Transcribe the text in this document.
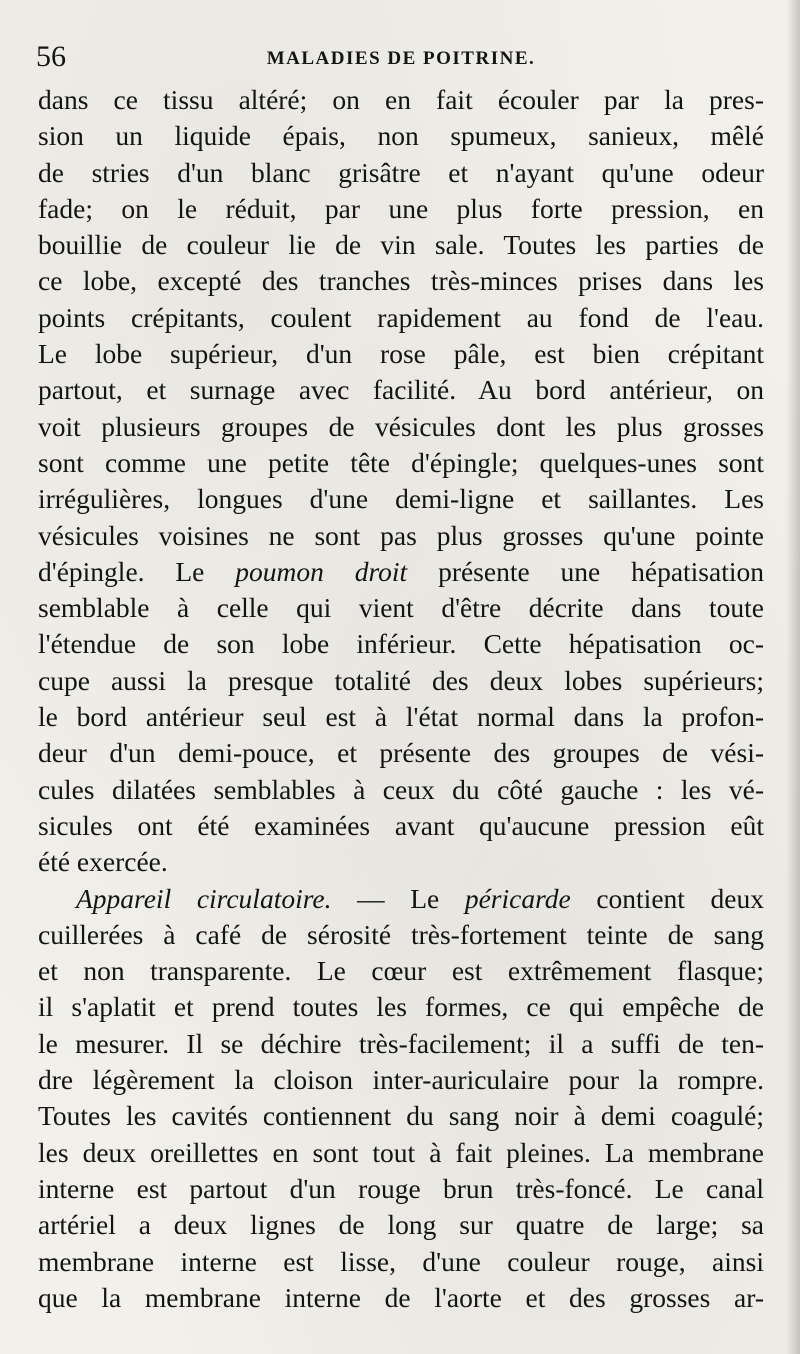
56	MALADIES DE POITRINE.
dans ce tissu altéré; on en fait écouler par la pres-
sion un liquide épais, non spumeux, sanieux, mêlé
de stries d'un blanc grisâtre et n'ayant qu'une odeur
fade; on le réduit, par une plus forte pression, en
bouillie de couleur lie de vin sale. Toutes les parties de
ce lobe, excepté des tranches très-minces prises dans les
points crépitants, coulent rapidement au fond de l'eau.
Le lobe supérieur, d'un rose pâle, est bien crépitant
partout, et surnage avec facilité. Au bord antérieur, on
voit plusieurs groupes de vésicules dont les plus grosses
sont comme une petite tête d'épingle; quelques-unes sont
irrégulières, longues d'une demi-ligne et saillantes. Les
vésicules voisines ne sont pas plus grosses qu'une pointe
d'épingle. Le poumon droit présente une hépatisation
semblable à celle qui vient d'être décrite dans toute
l'étendue de son lobe inférieur. Cette hépatisation oc-
cupe aussi la presque totalité des deux lobes supérieurs;
le bord antérieur seul est à l'état normal dans la profon-
deur d'un demi-pouce, et présente des groupes de vési-
cules dilatées semblables à ceux du côté gauche : les vé-
sicules ont été examinées avant qu'aucune pression eût
été exercée.
Appareil circulatoire. — Le péricarde contient deux
cuillerées à café de sérosité très-fortement teinte de sang
et non transparente. Le cœur est extrêmement flasque;
il s'aplatit et prend toutes les formes, ce qui empêche de
le mesurer. Il se déchire très-facilement; il a suffi de ten-
dre légèrement la cloison inter-auriculaire pour la rompre.
Toutes les cavités contiennent du sang noir à demi coagulé;
les deux oreillettes en sont tout à fait pleines. La membrane
interne est partout d'un rouge brun très-foncé. Le canal
artériel a deux lignes de long sur quatre de large; sa
membrane interne est lisse, d'une couleur rouge, ainsi
que la membrane interne de l'aorte et des grosses ar-
